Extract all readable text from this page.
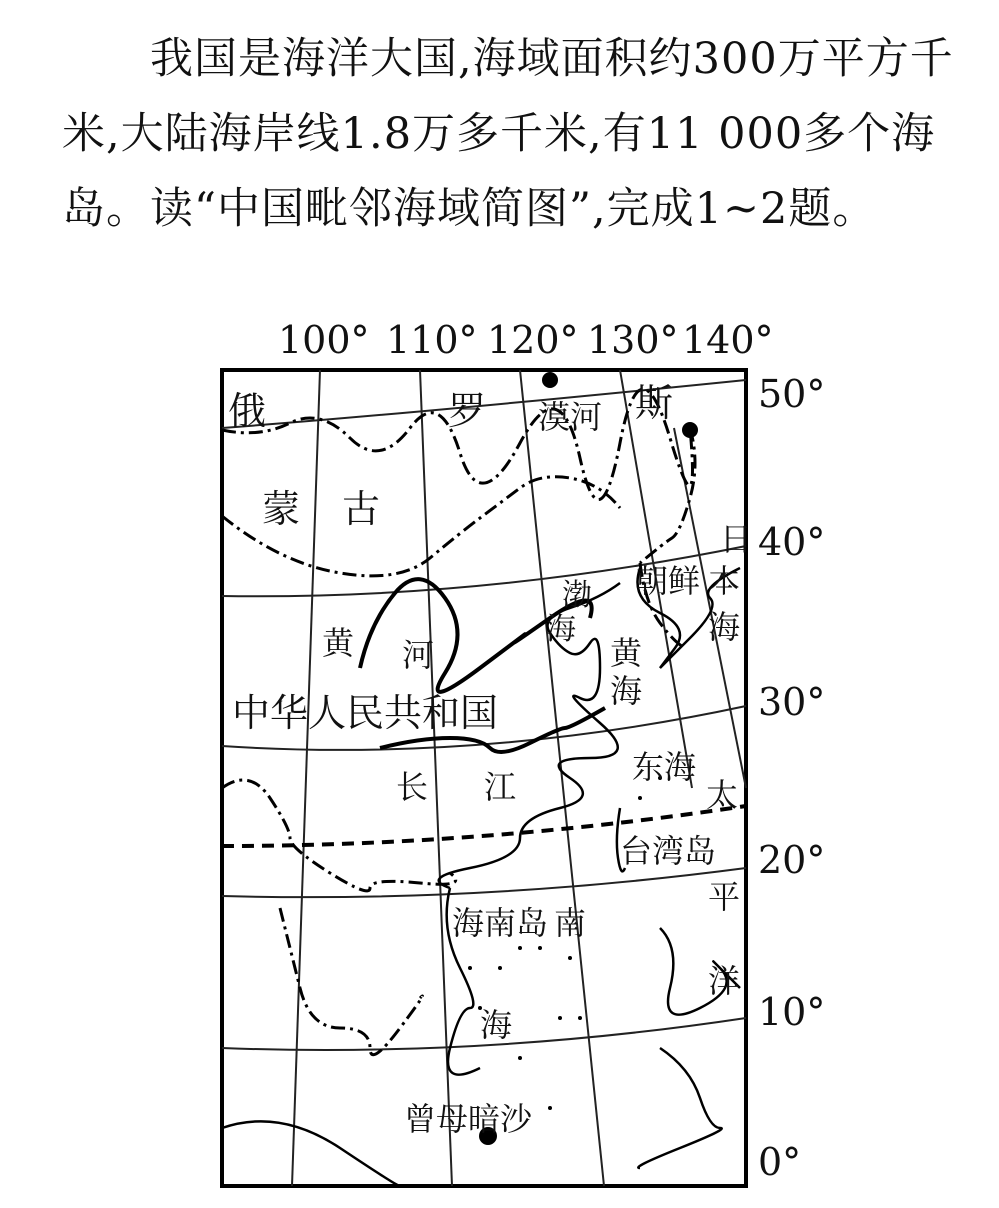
我国是海洋大国,海域面积约300万平方千米,大陆海岸线1.8万多千米,有11 000多个海岛。读“中国毗邻海域简图”,完成1~2题。

100° 110° 120° 130° 140°
50°
40°
30°
20°
10°
0°
俄	罗	斯
漠河
蒙 古
日
本
海
朝鲜
渤
海
黄 河	黄
海
中华人民共和国
长 江
东海
太
平
洋
台湾岛
海南岛 南
海
曾母暗沙
